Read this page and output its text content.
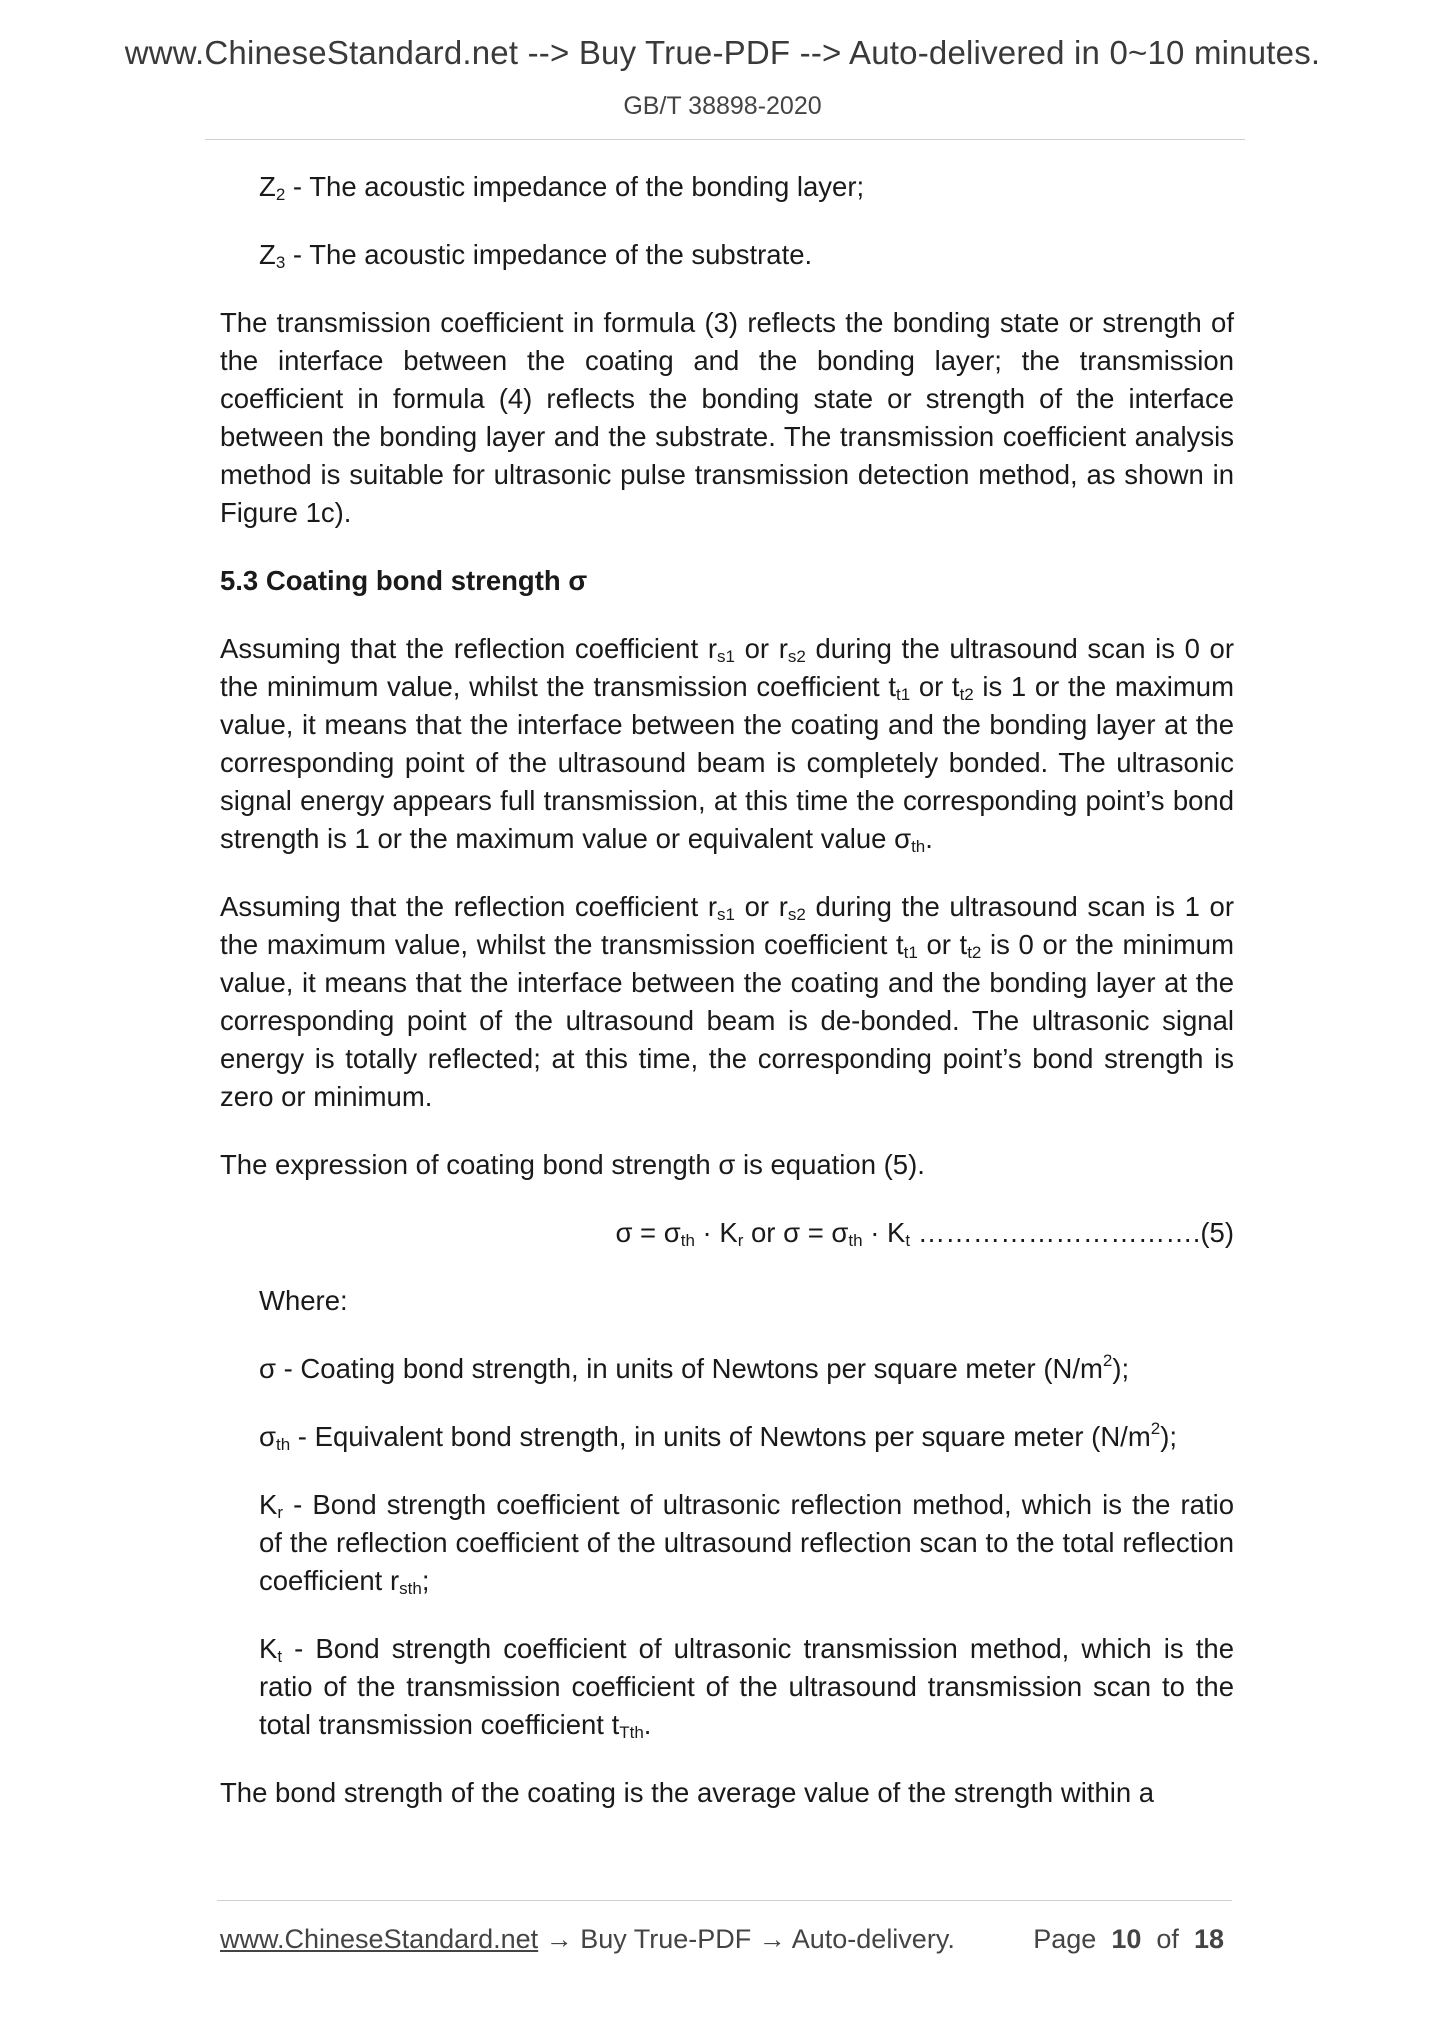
www.ChineseStandard.net --> Buy True-PDF --> Auto-delivered in 0~10 minutes.
GB/T 38898-2020

$Z_2$ - The acoustic impedance of the bonding layer;

$Z_3$ - The acoustic impedance of the substrate.

The transmission coefficient in formula (3) reflects the bonding state or strength of the interface between the coating and the bonding layer; the transmission coefficient in formula (4) reflects the bonding state or strength of the interface between the bonding layer and the substrate. The transmission coefficient analysis method is suitable for ultrasonic pulse transmission detection method, as shown in Figure 1c).

5.3 Coating bond strength σ

Assuming that the reflection coefficient $r_{s1}$ or $r_{s2}$ during the ultrasound scan is 0 or the minimum value, whilst the transmission coefficient $t_{t1}$ or $t_{t2}$ is 1 or the maximum value, it means that the interface between the coating and the bonding layer at the corresponding point of the ultrasound beam is completely bonded. The ultrasonic signal energy appears full transmission, at this time the corresponding point’s bond strength is 1 or the maximum value or equivalent value $\sigma_{th}$.

Assuming that the reflection coefficient $r_{s1}$ or $r_{s2}$ during the ultrasound scan is 1 or the maximum value, whilst the transmission coefficient $t_{t1}$ or $t_{t2}$ is 0 or the minimum value, it means that the interface between the coating and the bonding layer at the corresponding point of the ultrasound beam is de-bonded. The ultrasonic signal energy is totally reflected; at this time, the corresponding point’s bond strength is zero or minimum.

The expression of coating bond strength σ is equation (5).

$\sigma = \sigma_{th} \cdot K_r$ or $\sigma = \sigma_{th} \cdot K_t$ ………………………….(5)

Where:

σ - Coating bond strength, in units of Newtons per square meter $(N/m^2)$;

$\sigma_{th}$ - Equivalent bond strength, in units of Newtons per square meter $(N/m^2)$;

$K_r$ - Bond strength coefficient of ultrasonic reflection method, which is the ratio of the reflection coefficient of the ultrasound reflection scan to the total reflection coefficient $r_{sth}$;

$K_t$ - Bond strength coefficient of ultrasonic transmission method, which is the ratio of the transmission coefficient of the ultrasound transmission scan to the total transmission coefficient $t_{Tth}$.

The bond strength of the coating is the average value of the strength within a

www.ChineseStandard.net → Buy True-PDF → Auto-delivery.	Page 10 of 18
